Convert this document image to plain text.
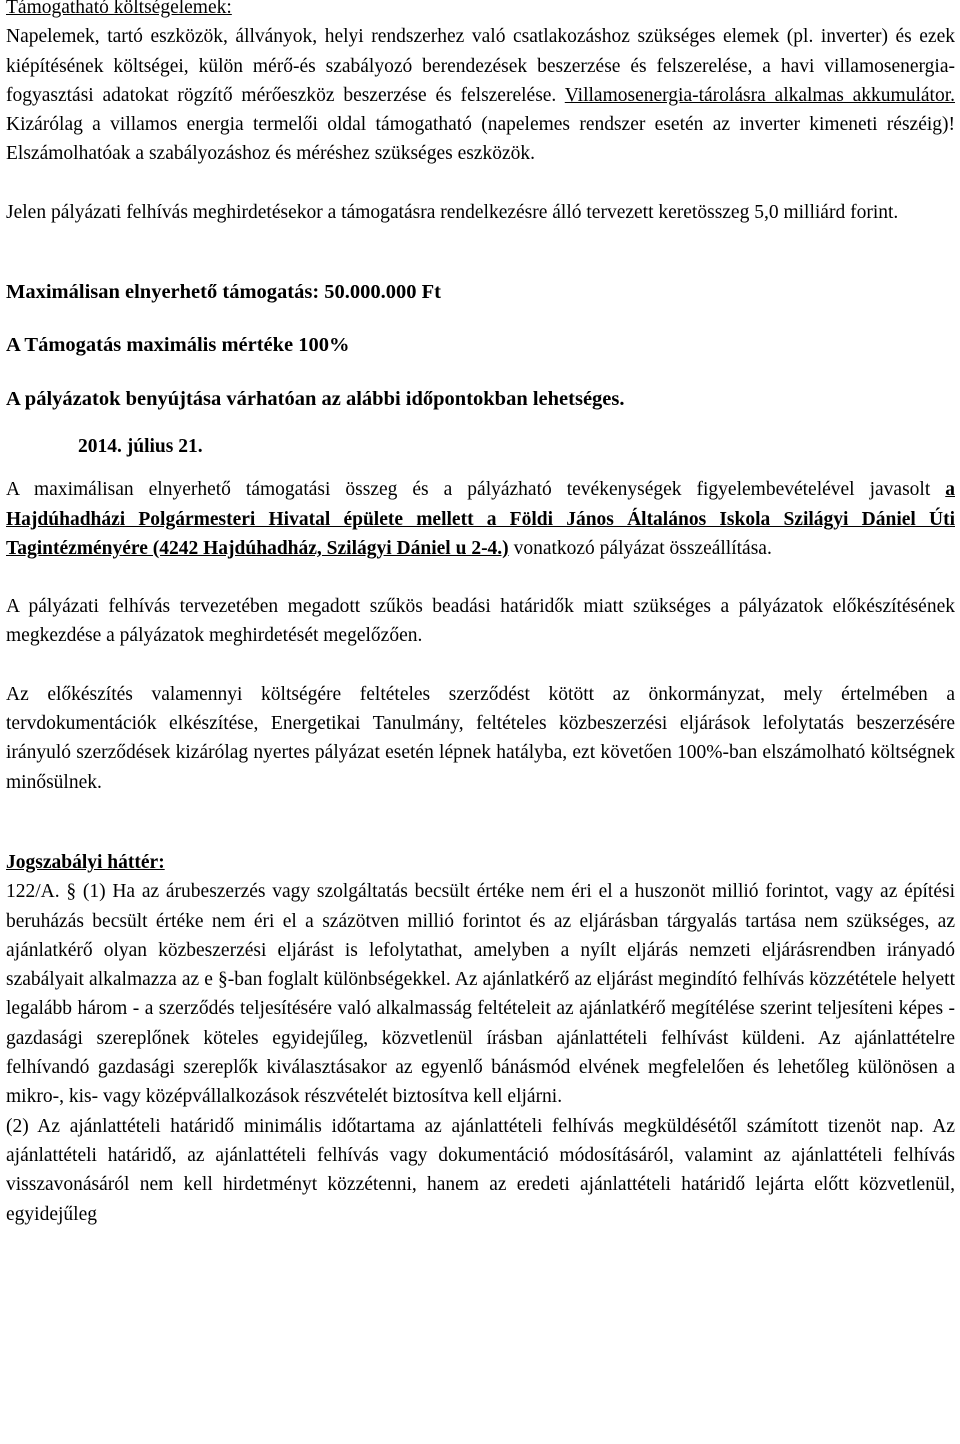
Támogatható költségelemek:
Napelemek, tartó eszközök, állványok, helyi rendszerhez való csatlakozáshoz szükséges elemek (pl. inverter) és ezek kiépítésének költségei, külön mérő-és szabályozó berendezések beszerzése és felszerelése, a havi villamosenergia-fogyasztási adatokat rögzítő mérőeszköz beszerzése és felszerelése. Villamosenergia-tárolásra alkalmas akkumulátor. Kizárólag a villamos energia termelői oldal támogatható (napelemes rendszer esetén az inverter kimeneti részéig)! Elszámolhatóak a szabályozáshoz és méréshez szükséges eszközök.

Jelen pályázati felhívás meghirdetésekor a támogatásra rendelkezésre álló tervezett keretösszeg 5,0 milliárd forint.

Maximálisan elnyerhető támogatás: 50.000.000 Ft

A Támogatás maximális mértéke 100%

A pályázatok benyújtása várhatóan az alábbi időpontokban lehetséges.

2014. július 21.

A maximálisan elnyerhető támogatási összeg és a pályázható tevékenységek figyelembevételével javasolt a Hajdúhadházi Polgármesteri Hivatal épülete mellett a Földi János Általános Iskola Szilágyi Dániel Úti Tagintézményére (4242 Hajdúhadház, Szilágyi Dániel u 2-4.) vonatkozó pályázat összeállítása.

A pályázati felhívás tervezetében megadott szűkös beadási határidők miatt szükséges a pályázatok előkészítésének megkezdése a pályázatok meghirdetését megelőzően.

Az előkészítés valamennyi költségére feltételes szerződést kötött az önkormányzat, mely értelmében a tervdokumentációk elkészítése, Energetikai Tanulmány, feltételes közbeszerzési eljárások lefolytatás beszerzésére irányuló szerződések kizárólag nyertes pályázat esetén lépnek hatályba, ezt követően 100%-ban elszámolható költségnek minősülnek.

Jogszabályi háttér:

122/A. § (1) Ha az árubeszerzés vagy szolgáltatás becsült értéke nem éri el a huszonöt millió forintot, vagy az építési beruházás becsült értéke nem éri el a százötven millió forintot és az eljárásban tárgyalás tartása nem szükséges, az ajánlatkérő olyan közbeszerzési eljárást is lefolytathat, amelyben a nyílt eljárás nemzeti eljárásrendben irányadó szabályait alkalmazza az e §-ban foglalt különbségekkel. Az ajánlatkérő az eljárást megindító felhívás közzététele helyett legalább három - a szerződés teljesítésére való alkalmasság feltételeit az ajánlatkérő megítélése szerint teljesíteni képes - gazdasági szereplőnek köteles egyidejűleg, közvetlenül írásban ajánlattételi felhívást küldeni. Az ajánlattételre felhívandó gazdasági szereplők kiválasztásakor az egyenlő bánásmód elvének megfelelően és lehetőleg különösen a mikro-, kis- vagy középvállalkozások részvételét biztosítva kell eljárni.

(2) Az ajánlattételi határidő minimális időtartama az ajánlattételi felhívás megküldésétől számított tizenöt nap. Az ajánlattételi határidő, az ajánlattételi felhívás vagy dokumentáció módosításáról, valamint az ajánlattételi felhívás visszavonásáról nem kell hirdetményt közzétenni, hanem az eredeti ajánlattételi határidő lejárta előtt közvetlenül, egyidejűleg
